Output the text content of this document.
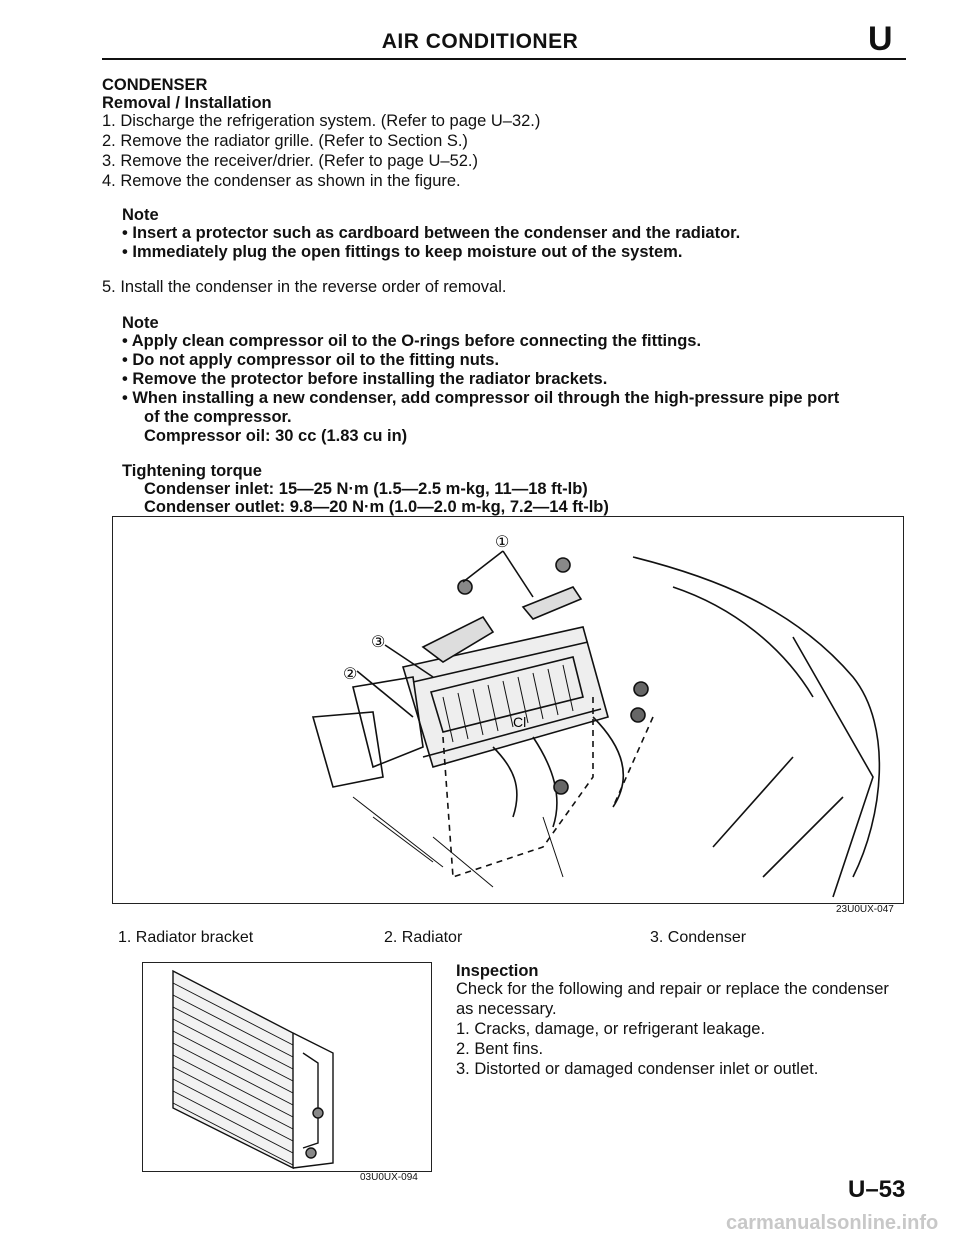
AIR CONDITIONER	U
CONDENSER
Removal / Installation
1. Discharge the refrigeration system. (Refer to page U–32.)
2. Remove the radiator grille. (Refer to Section S.)
3. Remove the receiver/drier. (Refer to page U–52.)
4. Remove the condenser as shown in the figure.
Note
• Insert a protector such as cardboard between the condenser and the radiator.
• Immediately plug the open fittings to keep moisture out of the system.
5. Install the condenser in the reverse order of removal.
Note
• Apply clean compressor oil to the O-rings before connecting the fittings.
• Do not apply compressor oil to the fitting nuts.
• Remove the protector before installing the radiator brackets.
• When installing a new condenser, add compressor oil through the high-pressure pipe port
of the compressor.
Compressor oil: 30 cc (1.83 cu in)
Tightening torque
Condenser inlet: 15—25 N·m (1.5—2.5 m-kg, 11—18 ft-lb)
Condenser outlet: 9.8—20 N·m (1.0—2.0 m-kg, 7.2—14 ft-lb)
①
③
②
Cl
23U0UX-047
1. Radiator bracket	2. Radiator	3. Condenser
03U0UX-094
Inspection
Check for the following and repair or replace the condenser
as necessary.
1. Cracks, damage, or refrigerant leakage.
2. Bent fins.
3. Distorted or damaged condenser inlet or outlet.
U–53
carmanualsonline.info
